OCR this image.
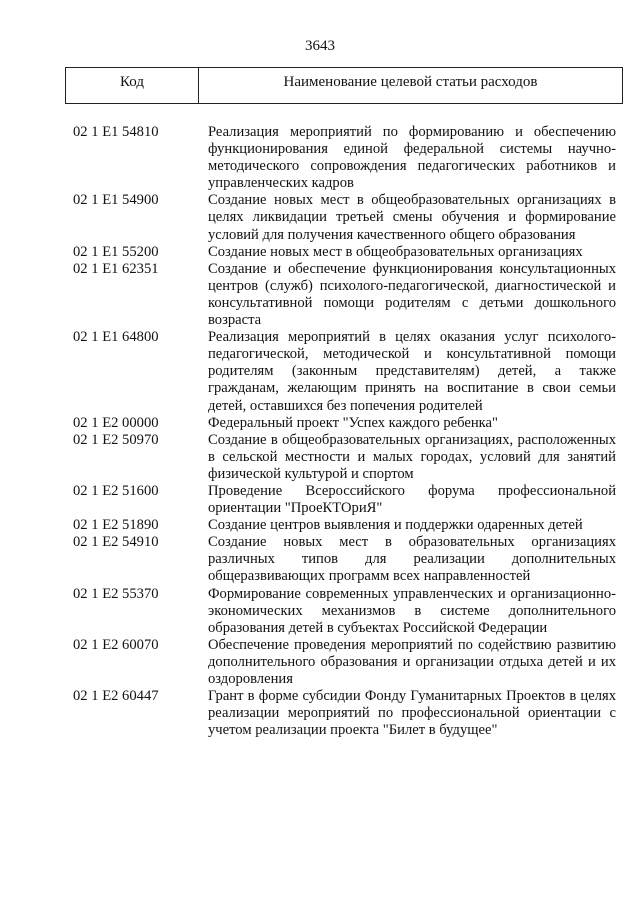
3643
Код	Наименование целевой статьи расходов
02 1 E1 54810	Реализация мероприятий по формированию и обеспечению функционирования единой федеральной системы научно-методического сопровождения педагогических работников и управленческих кадров
02 1 E1 54900	Создание новых мест в общеобразовательных организациях в целях ликвидации третьей смены обучения и формирование условий для получения качественного общего образования
02 1 E1 55200	Создание новых мест в общеобразовательных организациях
02 1 E1 62351	Создание и обеспечение функционирования консультационных центров (служб) психолого-педагогической, диагностической и консультативной помощи родителям с детьми дошкольного возраста
02 1 E1 64800	Реализация мероприятий в целях оказания услуг психолого-педагогической, методической и консультативной помощи родителям (законным представителям) детей, а также гражданам, желающим принять на воспитание в свои семьи детей, оставшихся без попечения родителей
02 1 E2 00000	Федеральный проект "Успех каждого ребенка"
02 1 E2 50970	Создание в общеобразовательных организациях, расположенных в сельской местности и малых городах, условий для занятий физической культурой и спортом
02 1 E2 51600	Проведение Всероссийского форума профессиональной ориентации "ПроеКТОриЯ"
02 1 E2 51890	Создание центров выявления и поддержки одаренных детей
02 1 E2 54910	Создание новых мест в образовательных организациях различных типов для реализации дополнительных общеразвивающих программ всех направленностей
02 1 E2 55370	Формирование современных управленческих и организационно-экономических механизмов в системе дополнительного образования детей в субъектах Российской Федерации
02 1 E2 60070	Обеспечение проведения мероприятий по содействию развитию дополнительного образования и организации отдыха детей и их оздоровления
02 1 E2 60447	Грант в форме субсидии Фонду Гуманитарных Проектов в целях реализации мероприятий по профессиональной ориентации с учетом реализации проекта "Билет в будущее"
